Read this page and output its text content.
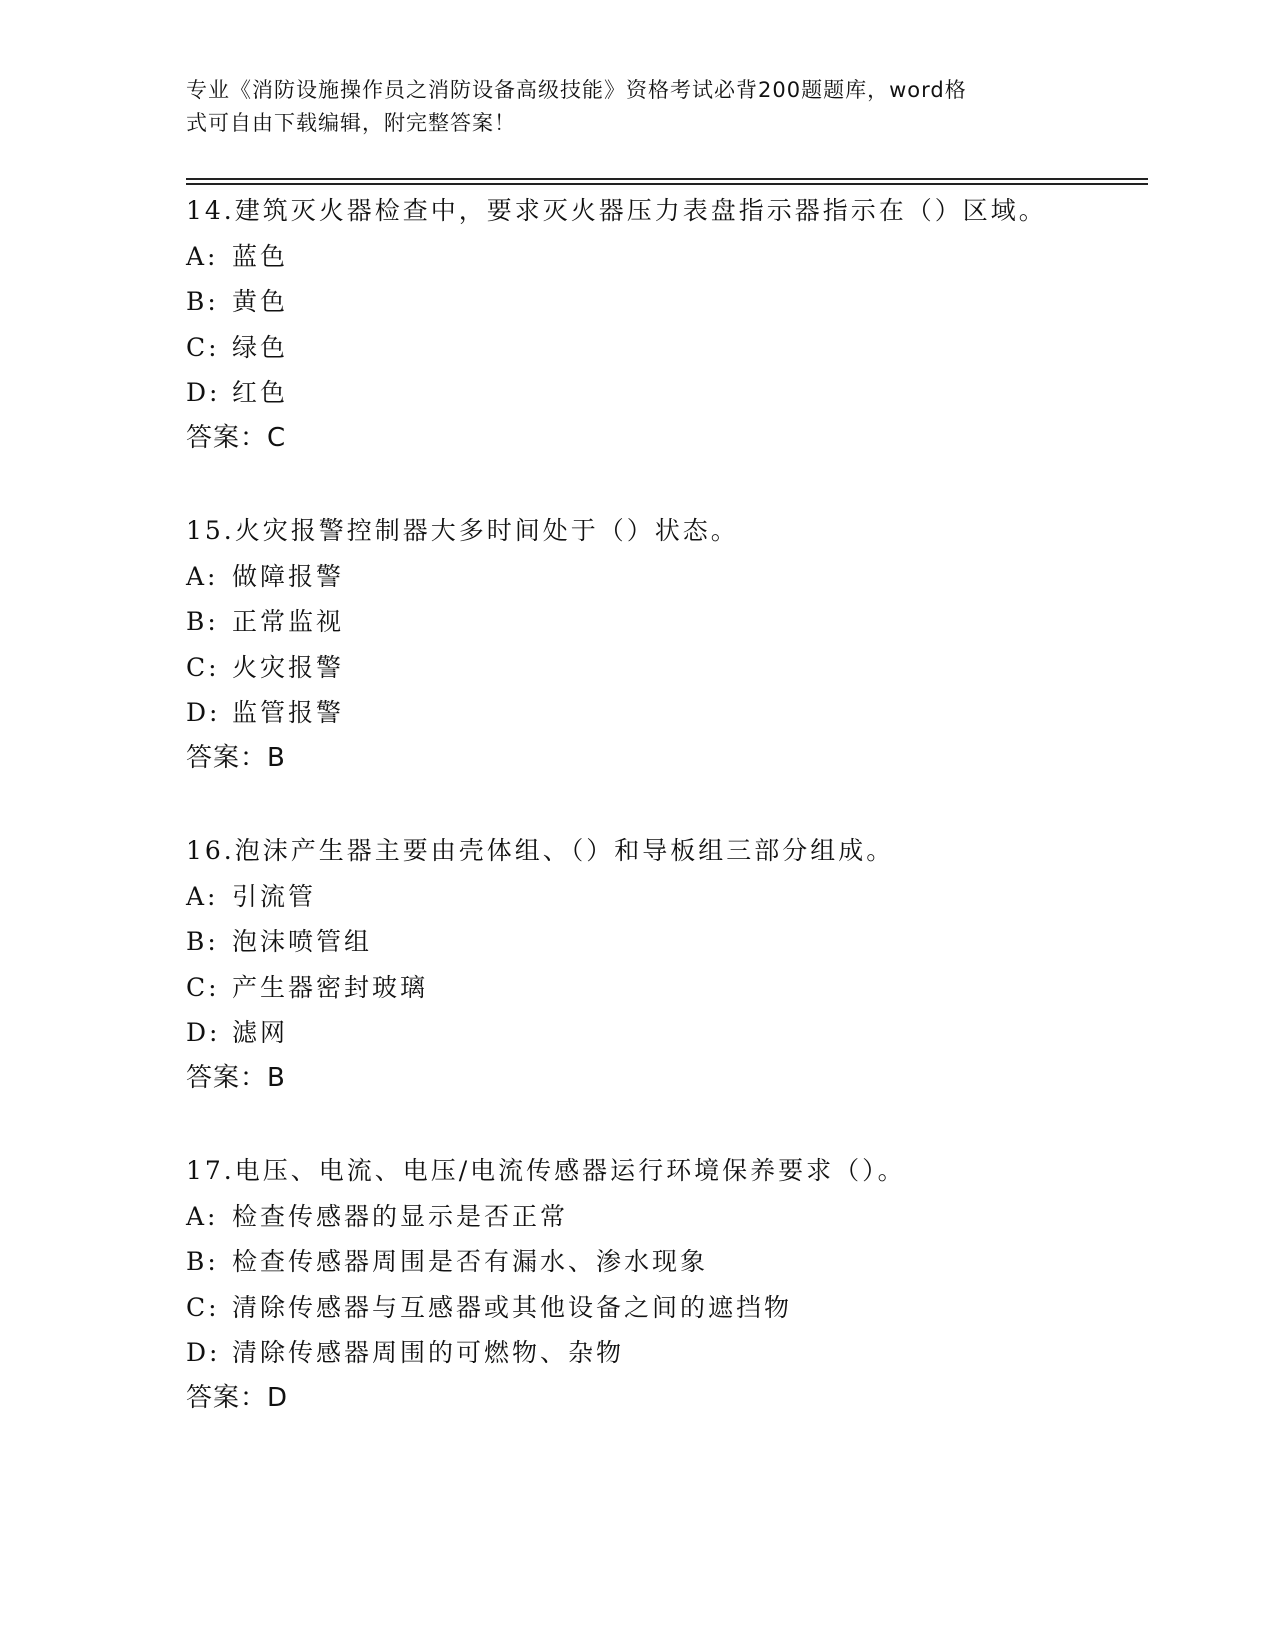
专业《消防设施操作员之消防设备高级技能》资格考试必背200题题库，word格
式可自由下载编辑，附完整答案！
14.建筑灭火器检查中，要求灭火器压力表盘指示器指示在（）区域。
A: 蓝色
B: 黄色
C: 绿色
D: 红色
答案：C
15.火灾报警控制器大多时间处于（）状态。
A: 做障报警
B: 正常监视
C: 火灾报警
D: 监管报警
答案：B
16.泡沫产生器主要由壳体组、（）和导板组三部分组成。
A: 引流管
B: 泡沫喷管组
C: 产生器密封玻璃
D: 滤网
答案：B
17.电压、电流、电压/电流传感器运行环境保养要求（）。
A: 检查传感器的显示是否正常
B: 检查传感器周围是否有漏水、渗水现象
C: 清除传感器与互感器或其他设备之间的遮挡物
D: 清除传感器周围的可燃物、杂物
答案：D
